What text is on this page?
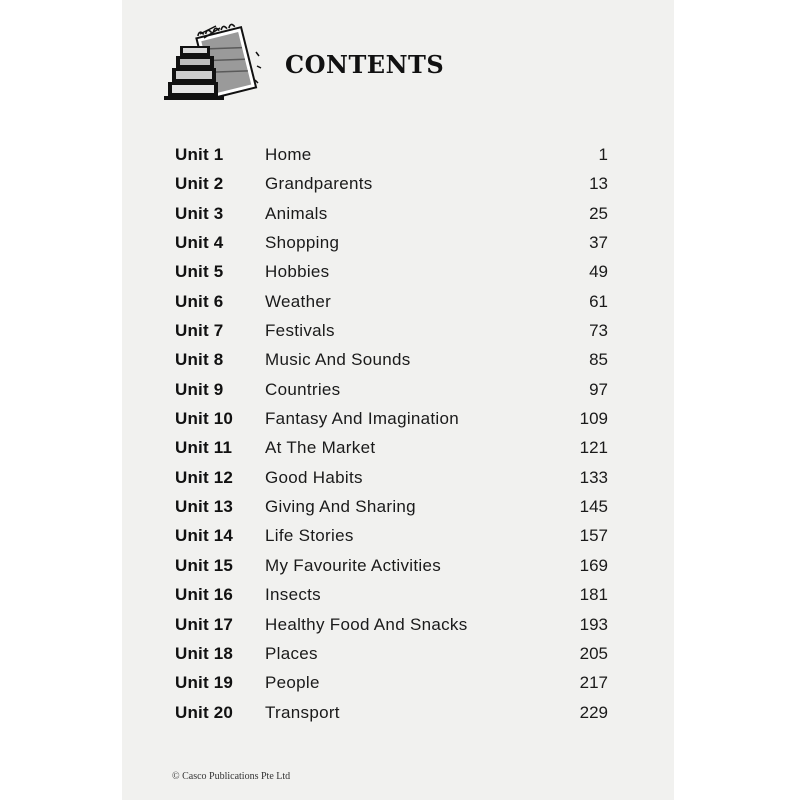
CONTENTS
Unit 1 Home	1
Unit 2 Grandparents	13
Unit 3 Animals	25
Unit 4 Shopping	37
Unit 5 Hobbies	49
Unit 6 Weather	61
Unit 7 Festivals	73
Unit 8 Music And Sounds	85
Unit 9 Countries	97
Unit 10 Fantasy And Imagination	109
Unit 11 At The Market	121
Unit 12 Good Habits	133
Unit 13 Giving And Sharing	145
Unit 14 Life Stories	157
Unit 15 My Favourite Activities	169
Unit 16 Insects	181
Unit 17 Healthy Food And Snacks	193
Unit 18 Places	205
Unit 19 People	217
Unit 20 Transport	229
© Casco Publications Pte Ltd
